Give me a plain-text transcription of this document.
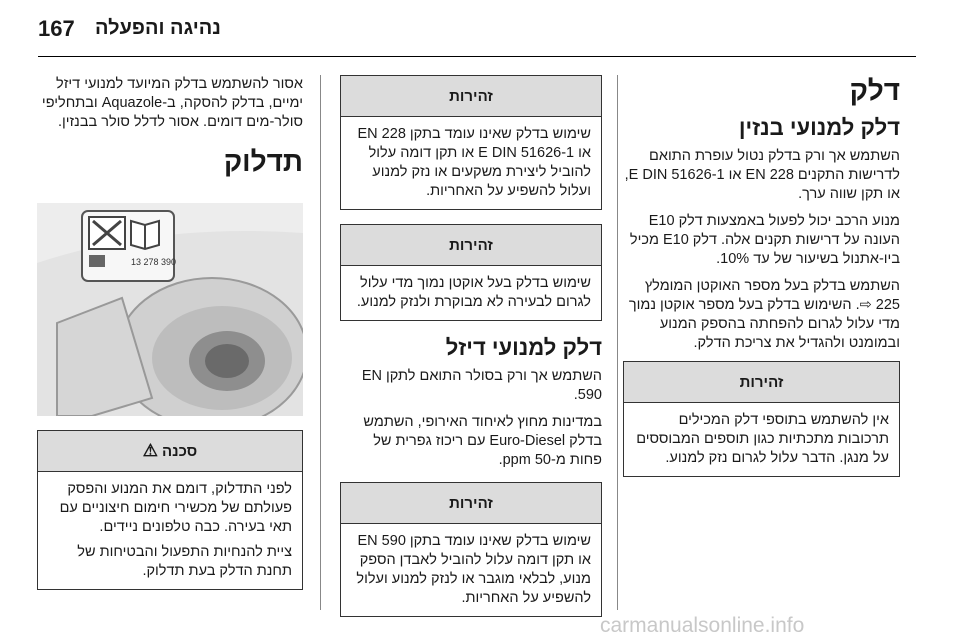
167 נהיגה והפעלה
דלק
דלק למנועי בנזין

השתמש אך ורק בדלק נטול עופרת התואם לדרישות התקנים EN 228 או E DIN 51626-1, או תקן שווה ערך.

מנוע הרכב יכול לפעול באמצעות דלק E10 העונה על דרישות תקנים אלה. דלק E10 מכיל ביו-אתנול בשיעור של עד 10%.

השתמש בדלק בעל מספר האוקטן המומלץ 225 ⇨. השימוש בדלק בעל מספר אוקטן נמוך מדי עלול לגרום להפחתה בהספק המנוע ובמומנט ולהגדיל את צריכת הדלק.

זהירות

אין להשתמש בתוספי דלק המכילים תרכובות מתכתיות כגון תוספים המבוססים על מנגן. הדבר עלול לגרום נזק למנוע.

זהירות

שימוש בדלק שאינו עומד בתקן EN 228 או E DIN 51626-1 או תקן דומה עלול להוביל ליצירת משקעים או נזק למנוע ועלול להשפיע על האחריות.

זהירות

שימוש בדלק בעל אוקטן נמוך מדי עלול לגרום לבעירה לא מבוקרת ולנזק למנוע.

דלק למנועי דיזל

השתמש אך ורק בסולר התואם לתקן EN 590.

במדינות מחוץ לאיחוד האירופי, השתמש בדלק Euro-Diesel עם ריכוז גפרית של פחות מ-50 ppm.

זהירות

שימוש בדלק שאינו עומד בתקן EN 590 או תקן דומה עלול להוביל לאבדן הספק מנוע, לבלאי מוגבר או לנזק למנוע ועלול להשפיע על האחריות.

אסור להשתמש בדלק המיועד למנועי דיזל ימיים, בדלק להסקה, ב-Aquazole ובתחליפי סולר-מים דומים. אסור לדלל סולר בבנזין.

תדלוק
13 278 390
סכנה
⚠

לפני התדלוק, דומם את המנוע והפסק פעולתם של מכשירי חימום חיצוניים עם תאי בעירה. כבה טלפונים ניידים.

ציית להנחיות התפעול והבטיחות של תחנת הדלק בעת תדלוק.

carmanualsonline.info
